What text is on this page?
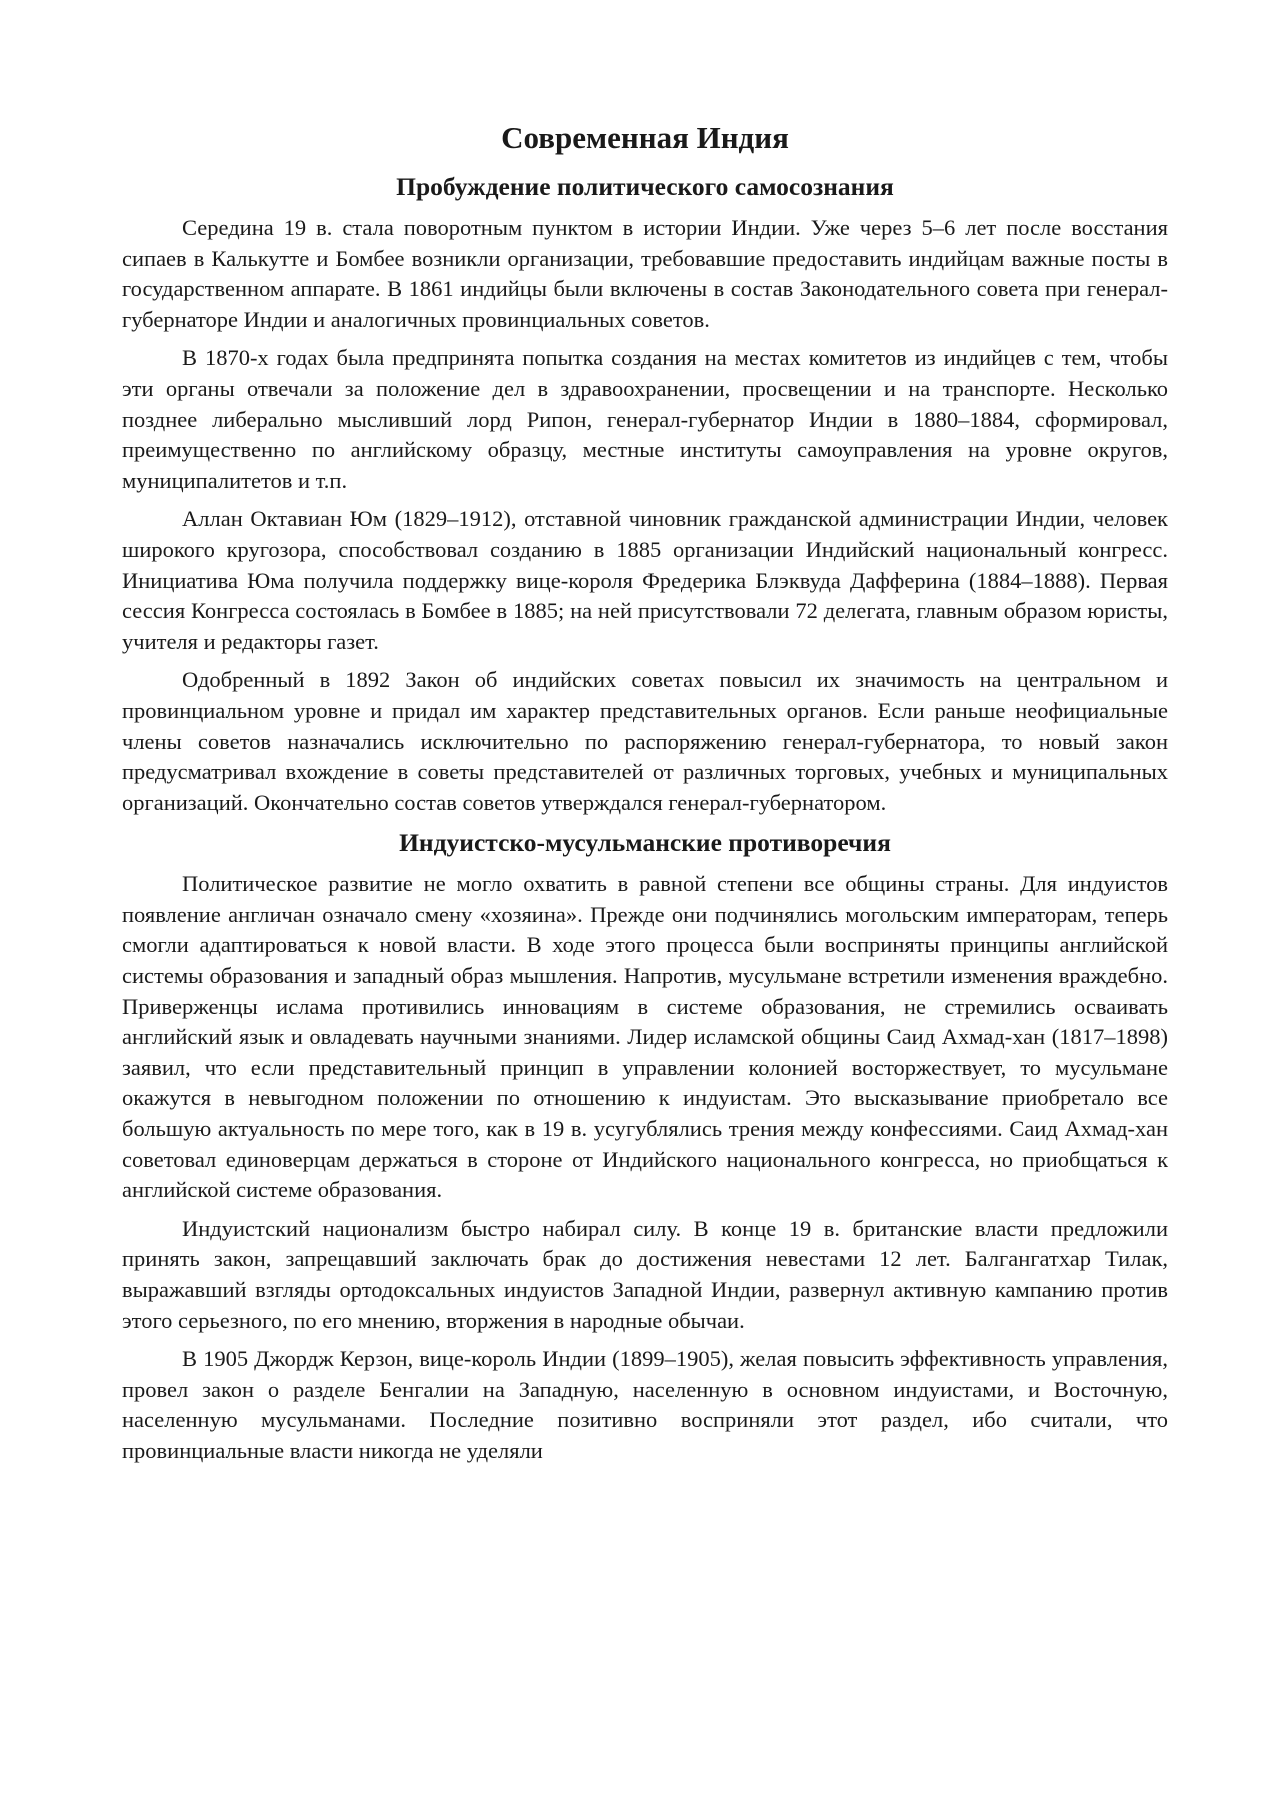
Современная Индия
Пробуждение политического самосознания

Середина 19 в. стала поворотным пунктом в истории Индии. Уже через 5–6 лет после восстания сипаев в Калькутте и Бомбее возникли организации, требовавшие предоставить индийцам важные посты в государственном аппарате. В 1861 индийцы были включены в состав Законодательного совета при генерал-губернаторе Индии и аналогичных провинциальных советов.

В 1870-х годах была предпринята попытка создания на местах комитетов из индийцев с тем, чтобы эти органы отвечали за положение дел в здравоохранении, просвещении и на транспорте. Несколько позднее либерально мысливший лорд Рипон, генерал-губернатор Индии в 1880–1884, сформировал, преимущественно по английскому образцу, местные институты самоуправления на уровне округов, муниципалитетов и т.п.

Аллан Октавиан Юм (1829–1912), отставной чиновник гражданской администрации Индии, человек широкого кругозора, способствовал созданию в 1885 организации Индийский национальный конгресс. Инициатива Юма получила поддержку вице-короля Фредерика Блэквуда Дафферина (1884–1888). Первая сессия Конгресса состоялась в Бомбее в 1885; на ней присутствовали 72 делегата, главным образом юристы, учителя и редакторы газет.

Одобренный в 1892 Закон об индийских советах повысил их значимость на центральном и провинциальном уровне и придал им характер представительных органов. Если раньше неофициальные члены советов назначались исключительно по распоряжению генерал-губернатора, то новый закон предусматривал вхождение в советы представителей от различных торговых, учебных и муниципальных организаций. Окончательно состав советов утверждался генерал-губернатором.

Индуистско-мусульманские противоречия

Политическое развитие не могло охватить в равной степени все общины страны. Для индуистов появление англичан означало смену «хозяина». Прежде они подчинялись могольским императорам, теперь смогли адаптироваться к новой власти. В ходе этого процесса были восприняты принципы английской системы образования и западный образ мышления. Напротив, мусульмане встретили изменения враждебно. Приверженцы ислама противились инновациям в системе образования, не стремились осваивать английский язык и овладевать научными знаниями. Лидер исламской общины Саид Ахмад-хан (1817–1898) заявил, что если представительный принцип в управлении колонией восторжествует, то мусульмане окажутся в невыгодном положении по отношению к индуистам. Это высказывание приобретало все большую актуальность по мере того, как в 19 в. усугублялись трения между конфессиями. Саид Ахмад-хан советовал единоверцам держаться в стороне от Индийского национального конгресса, но приобщаться к английской системе образования.

Индуистский национализм быстро набирал силу. В конце 19 в. британские власти предложили принять закон, запрещавший заключать брак до достижения невестами 12 лет. Балгангатхар Тилак, выражавший взгляды ортодоксальных индуистов Западной Индии, развернул активную кампанию против этого серьезного, по его мнению, вторжения в народные обычаи.

В 1905 Джордж Керзон, вице-король Индии (1899–1905), желая повысить эффективность управления, провел закон о разделе Бенгалии на Западную, населенную в основном индуистами, и Восточную, населенную мусульманами. Последние позитивно восприняли этот раздел, ибо считали, что провинциальные власти никогда не уделяли
